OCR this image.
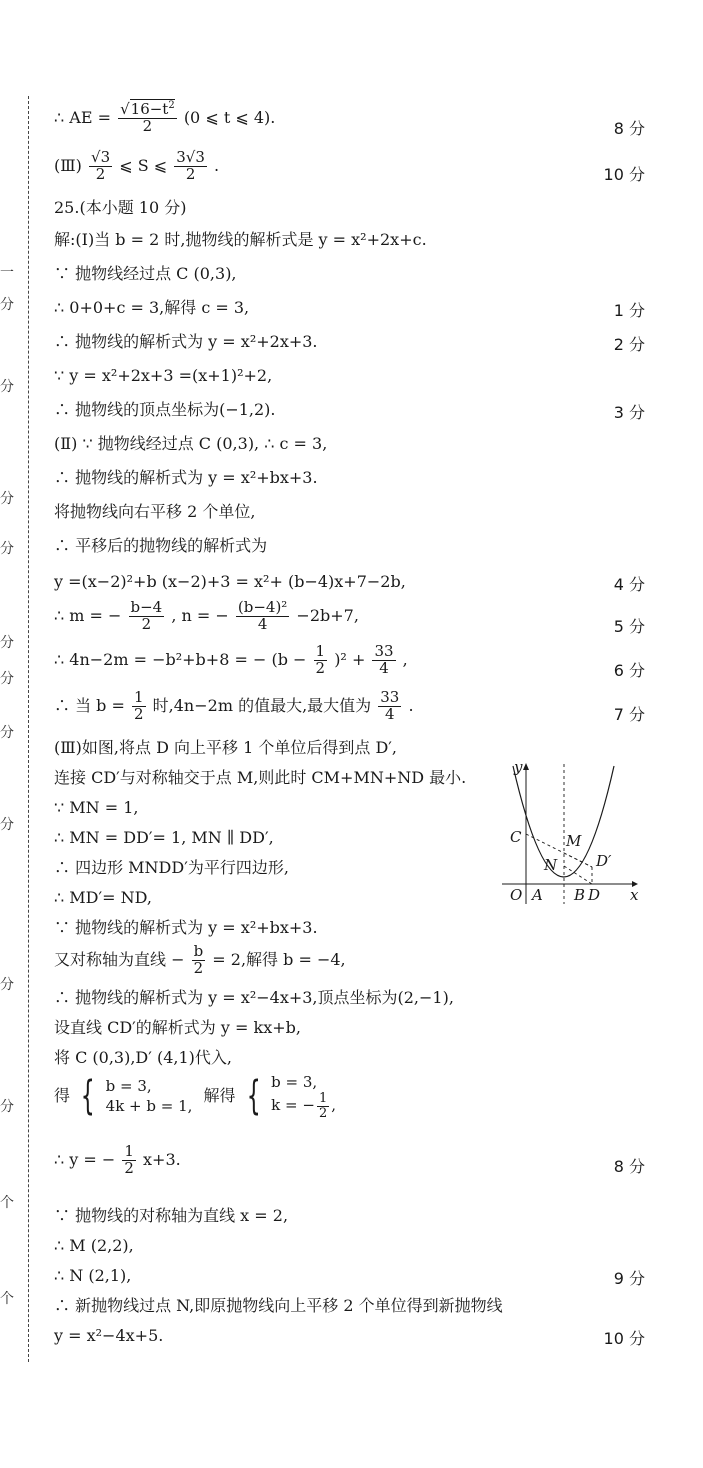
一
分
分
分
分
分
分
分
分
分
分
个
个
∴ AE = $\frac{√16-t^2}{2} (0$ ⩽ t ⩽ 4).
8 分
(Ⅲ) $\frac{√3}{2}$ ⩽ S ⩽ $\frac{3√3}{2}$ .	10 分
25.(本小题 10 分)
解:(Ⅰ)当 b = 2 时,抛物线的解析式是 y = x²+2x+c.
∵ 抛物线经过点 C (0,3),
∴ 0+0+c = 3,解得 c = 3,	1 分
∴ 抛物线的解析式为 y = x²+2x+3.	2 分
∵ y = x²+2x+3 =(x+1)²+2,
∴ 抛物线的顶点坐标为(−1,2).	3 分
(Ⅱ) ∵ 抛物线经过点 C (0,3), ∴ c = 3,
∴ 抛物线的解析式为 y = x²+bx+3.
将抛物线向右平移 2 个单位,
∴ 平移后的抛物线的解析式为
y =(x−2)²+b (x−2)+3 = x²+ (b−4)x+7−2b,	4 分
∴ m = − $\frac{b-4}{2}$ , n = − $\frac{\text{(b−4)²}}{4} -2b+7$,
5 分
∴ 4n−2m = −b²+b+8 = − $(b - \frac{1}{2} )^2 + \frac{33}{4}$ ,
6 分
∴ 当 $b = \frac{1}{2}$ 时,4n−2m 的值最大,最大值为 $\frac{33}{4}$ .	7 分
(Ⅲ)如图,将点 D 向上平移 1 个单位后得到点 D′,
连接 CD′与对称轴交于点 M,则此时 CM+MN+ND 最小.
∵ MN = 1,
∴ MN = DD′= 1, MN ∥ DD′,
∴ 四边形 MNDD′为平行四边形,
∴ MD′= ND,
∵ 抛物线的解析式为 y = x²+bx+3.
又对称轴为直线 − $\frac{b}{2} = 2$,解得 b = −4,
∴ 抛物线的解析式为 y = x²−4x+3,顶点坐标为(2,−1),
设直线 CD′的解析式为 y = kx+b,
将 C (0,3),D′ (4,1)代入,
得 { b = 3,
4k + b = 1,
解得 { b = 3,
k = − $\frac{1}{2}$ ,
∴ y = − $\frac{1}{2} x+3$.	8 分
∵ 抛物线的对称轴为直线 x = 2,
∴ M (2,2),
∴ N (2,1),	9 分
∴ 新抛物线过点 N,即原抛物线向上平移 2 个单位得到新抛物线
y = x²−4x+5.	10 分
y
x
O A B D
C	M
N	D′
